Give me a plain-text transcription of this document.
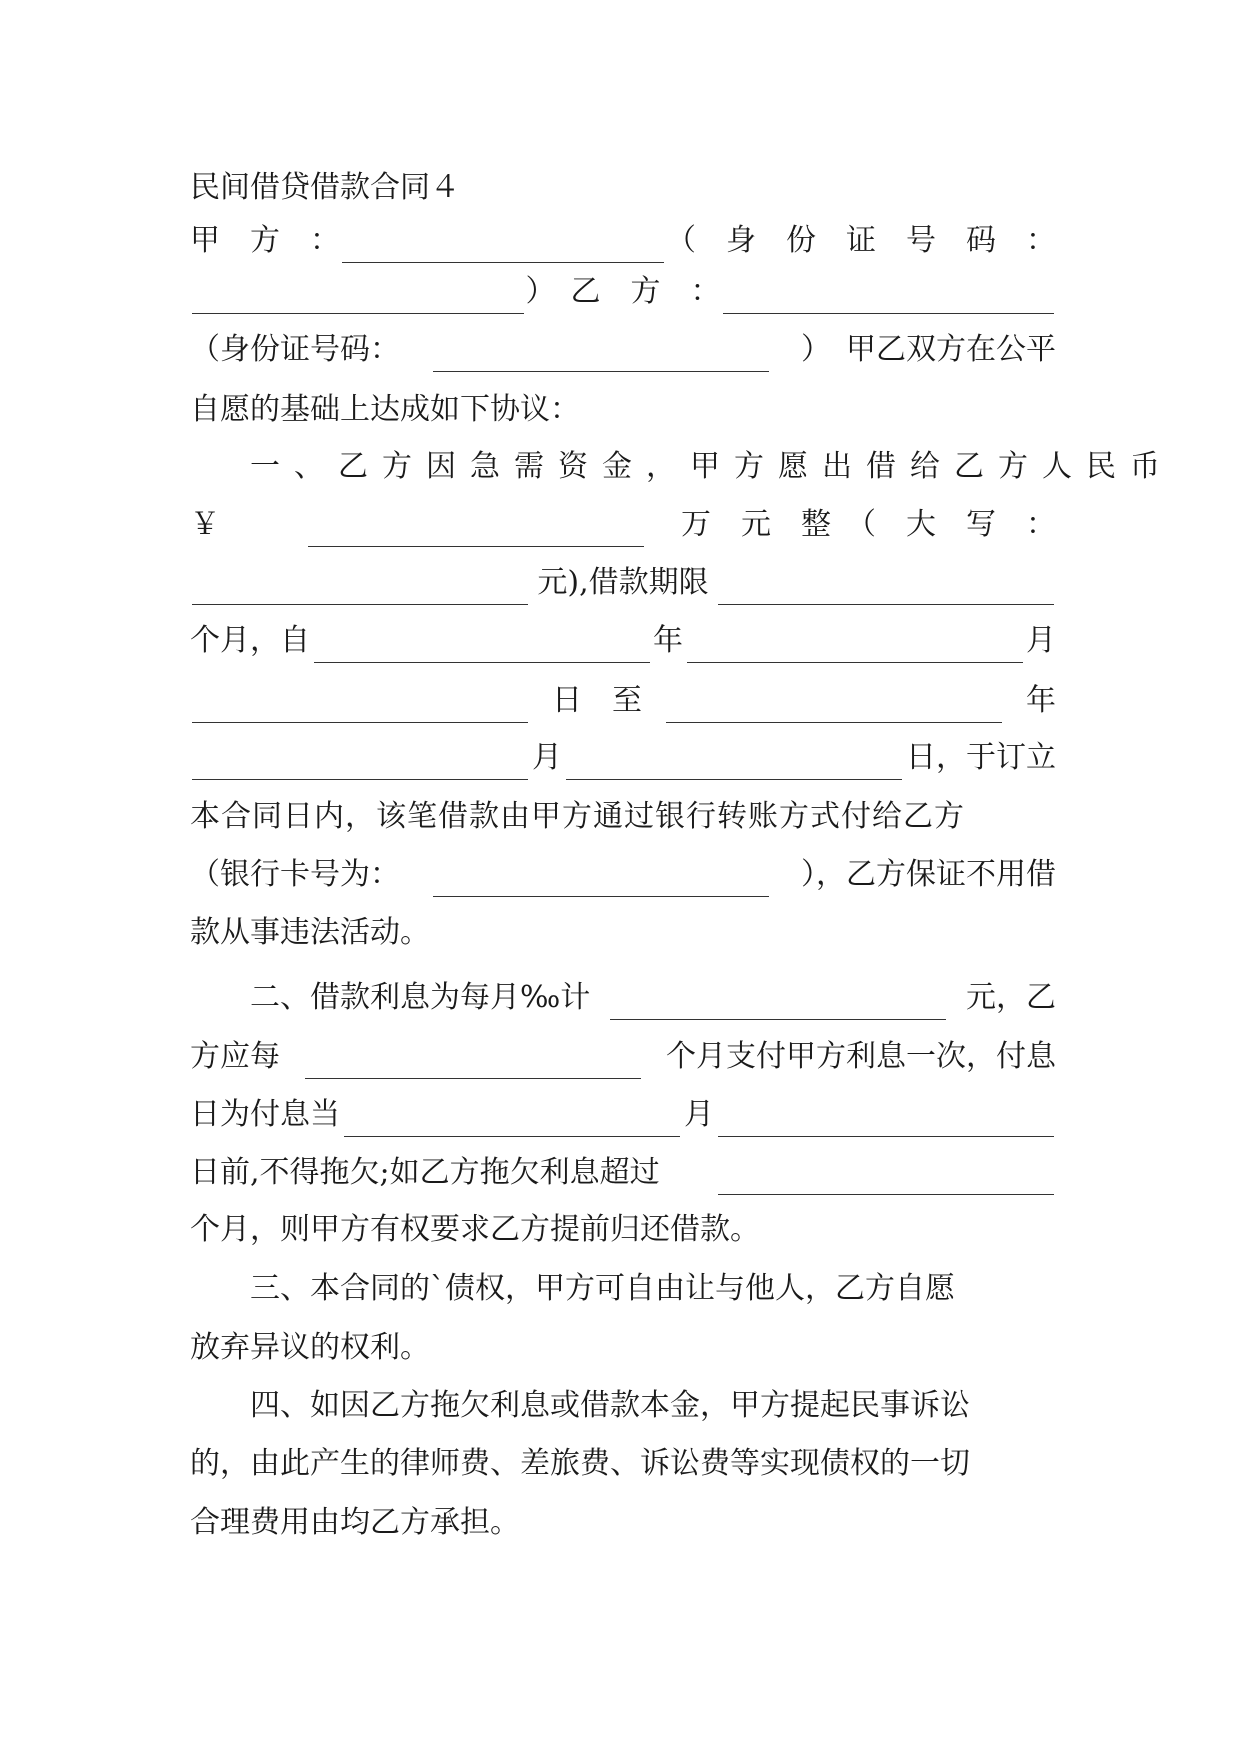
民间借贷借款合同４
甲　方　：	（　身　份　证　号　码　：
）　乙　方　：
（身份证号码：	）　甲乙双方在公平
自愿的基础上达成如下协议：
一、乙方因急需资金，甲方愿出借给乙方人民币
￥	万　元　整　（　大　写　：
元),借款期限
个月，自	年	月
日　至	年
月	日，于订立
本合同日内，该笔借款由甲方通过银行转账方式付给乙方
（银行卡号为：	），乙方保证不用借
款从事违法活动。
二、借款利息为每月‰计	元，乙
方应每	个月支付甲方利息一次，付息
日为付息当	月
日前,不得拖欠;如乙方拖欠利息超过
个月，则甲方有权要求乙方提前归还借款。
三、本合同的`债权，甲方可自由让与他人，乙方自愿
放弃异议的权利。
四、如因乙方拖欠利息或借款本金，甲方提起民事诉讼
的，由此产生的律师费、差旅费、诉讼费等实现债权的一切
合理费用由均乙方承担。
